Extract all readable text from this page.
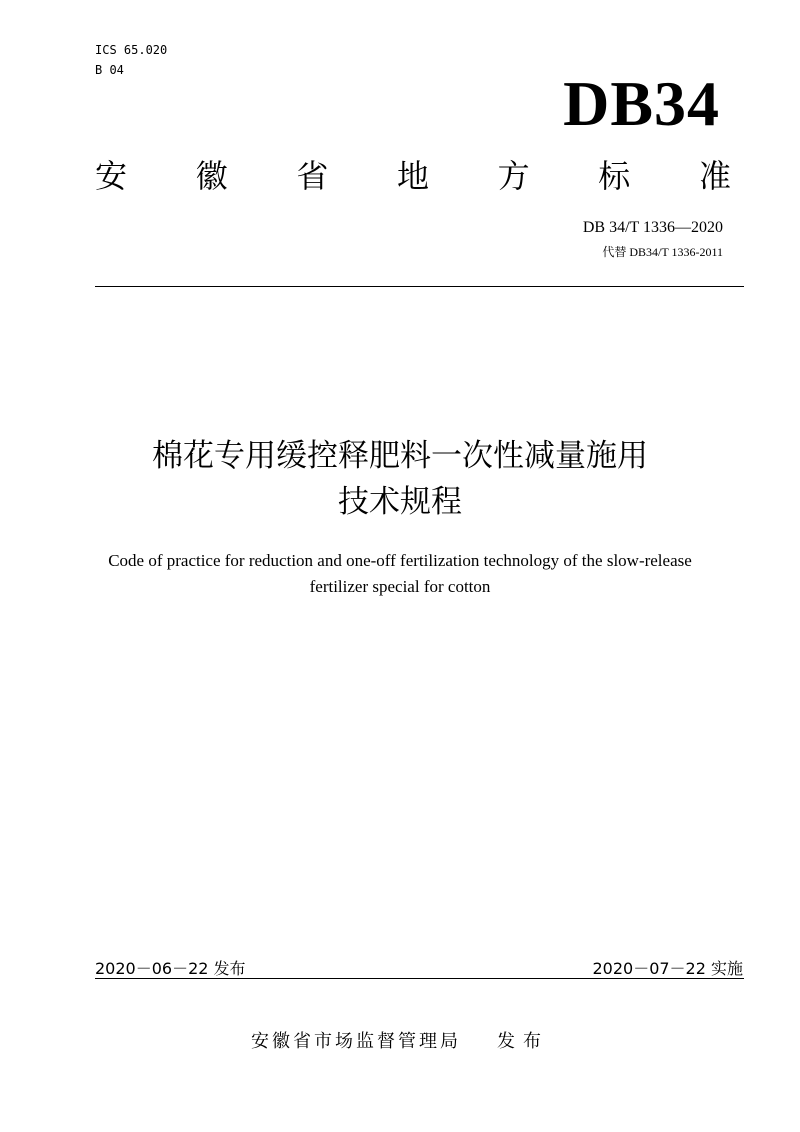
ICS 65.020
B 04	DB34
安 徽 省 地 方 标 准
DB 34/T 1336—2020
代替 DB34/T 1336-2011
棉花专用缓控释肥料一次性减量施用
技术规程
Code of practice for reduction and one-off fertilization technology of the slow-release
fertilizer special for cotton
2020－06－22 发布	2020－07－22 实施
安徽省市场监督管理局 发布
